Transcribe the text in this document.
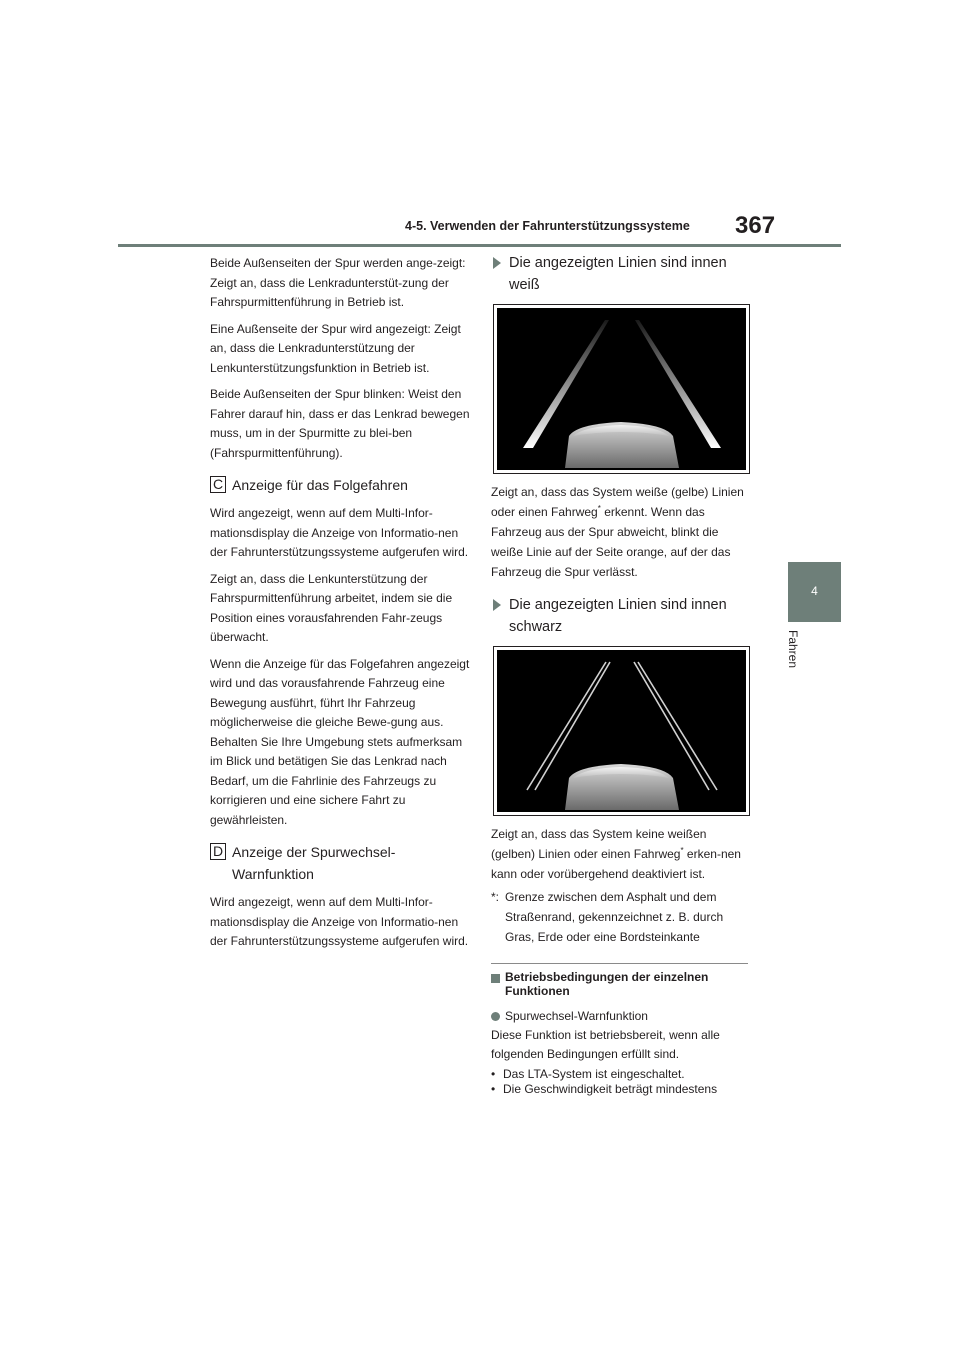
4-5. Verwenden der Fahrunterstützungssysteme 367
4
Fahren

Beide Außenseiten der Spur werden ange-zeigt: Zeigt an, dass die Lenkradunterstüt-zung der Fahrspurmittenführung in Betrieb ist.

Eine Außenseite der Spur wird angezeigt: Zeigt an, dass die Lenkradunterstützung der Lenkunterstützungsfunktion in Betrieb ist.

Beide Außenseiten der Spur blinken: Weist den Fahrer darauf hin, dass er das Lenkrad bewegen muss, um in der Spurmitte zu blei-ben (Fahrspurmittenführung).

C Anzeige für das Folgefahren

Wird angezeigt, wenn auf dem Multi-Infor-mationsdisplay die Anzeige von Informatio-nen der Fahrunterstützungssysteme aufgerufen wird.

Zeigt an, dass die Lenkunterstützung der Fahrspurmittenführung arbeitet, indem sie die Position eines vorausfahrenden Fahr-zeugs überwacht.

Wenn die Anzeige für das Folgefahren angezeigt wird und das vorausfahrende Fahrzeug eine Bewegung ausführt, führt Ihr Fahrzeug möglicherweise die gleiche Bewe-gung aus. Behalten Sie Ihre Umgebung stets aufmerksam im Blick und betätigen Sie das Lenkrad nach Bedarf, um die Fahrlinie des Fahrzeugs zu korrigieren und eine sichere Fahrt zu gewährleisten.

D Anzeige der Spurwechsel-Warnfunktion

Wird angezeigt, wenn auf dem Multi-Infor-mationsdisplay die Anzeige von Informatio-nen der Fahrunterstützungssysteme aufgerufen wird.

Die angezeigten Linien sind innen weiß

Zeigt an, dass das System weiße (gelbe) Linien oder einen Fahrweg* erkennt. Wenn das Fahrzeug aus der Spur abweicht, blinkt die weiße Linie auf der Seite orange, auf der das Fahrzeug die Spur verlässt.

Die angezeigten Linien sind innen schwarz

Zeigt an, dass das System keine weißen (gelben) Linien oder einen Fahrweg* erken-nen kann oder vorübergehend deaktiviert ist.

*: Grenze zwischen dem Asphalt und dem Straßenrand, gekennzeichnet z. B. durch Gras, Erde oder eine Bordsteinkante
Betriebsbedingungen der einzelnen Funktionen
Spurwechsel-Warnfunktion

Diese Funktion ist betriebsbereit, wenn alle folgenden Bedingungen erfüllt sind.

• Das LTA-System ist eingeschaltet.
• Die Geschwindigkeit beträgt mindestens
